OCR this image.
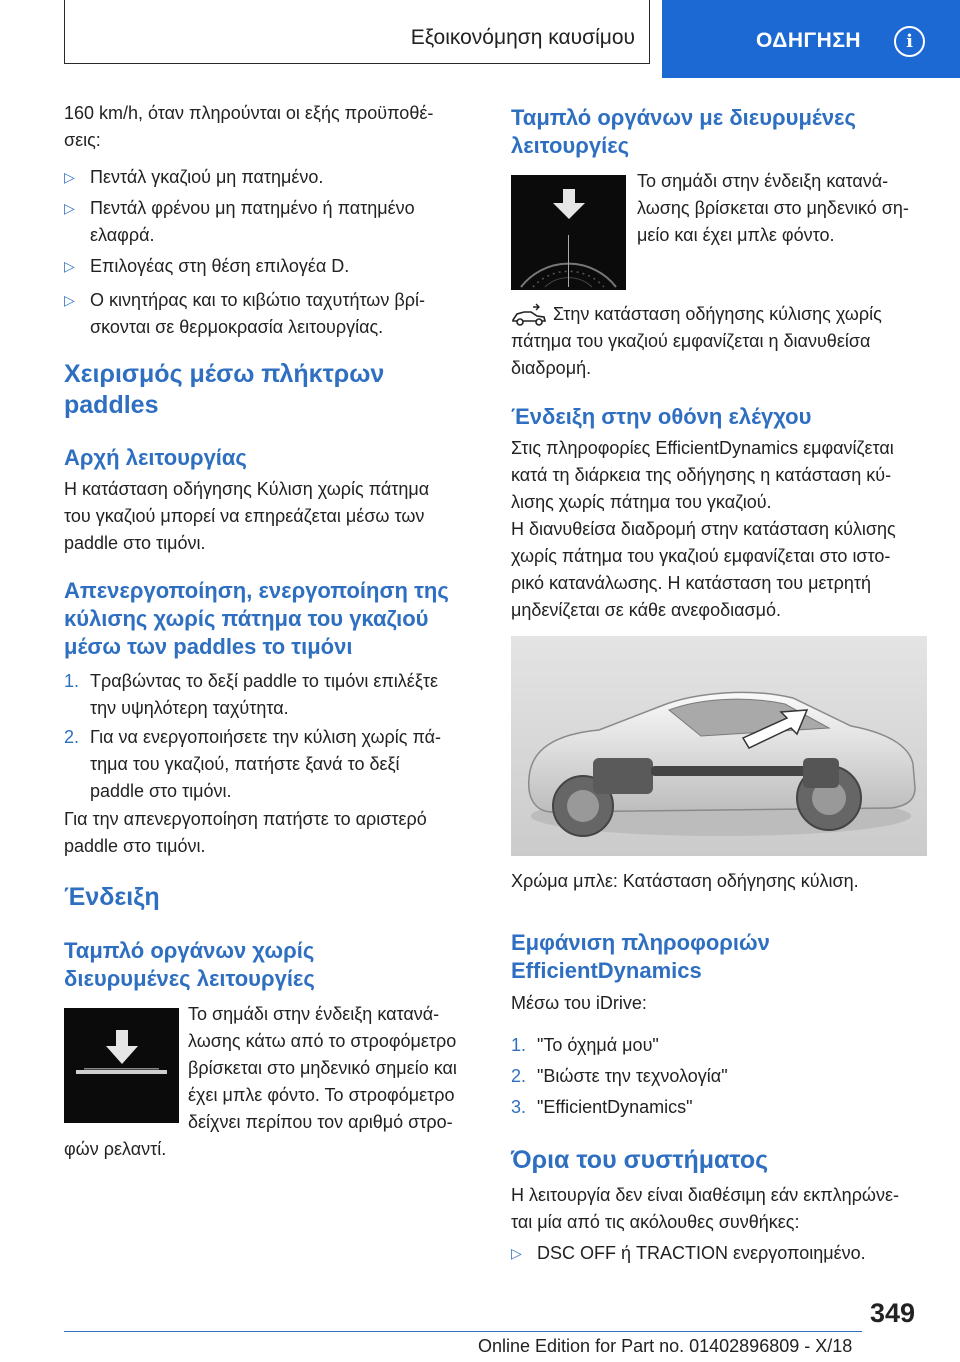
Εξοικονόμηση καυσίμου	ΟΔΗΓΗΣΗ	i
160 km/h, όταν πληρούνται οι εξής προϋποθέ-
σεις:
▷ Πεντάλ γκαζιού μη πατημένο.
▷ Πεντάλ φρένου μη πατημένο ή πατημένο
ελαφρά.
▷ Επιλογέας στη θέση επιλογέα D.
▷ Ο κινητήρας και το κιβώτιο ταχυτήτων βρί-
σκονται σε θερμοκρασία λειτουργίας.
Χειρισμός μέσω πλήκτρων
paddles
Αρχή λειτουργίας
Η κατάσταση οδήγησης Κύλιση χωρίς πάτημα
του γκαζιού μπορεί να επηρεάζεται μέσω των
paddle στο τιμόνι.
Απενεργοποίηση, ενεργοποίηση της
κύλισης χωρίς πάτημα του γκαζιού
μέσω των paddles το τιμόνι
1. Τραβώντας το δεξί paddle το τιμόνι επιλέξτε
την υψηλότερη ταχύτητα.
2. Για να ενεργοποιήσετε την κύλιση χωρίς πά-
τημα του γκαζιού, πατήστε ξανά το δεξί
paddle στο τιμόνι.
Για την απενεργοποίηση πατήστε το αριστερό
paddle στο τιμόνι.
Ένδειξη
Ταμπλό οργάνων χωρίς
διευρυμένες λειτουργίες
Το σημάδι στην ένδειξη κατανά-
λωσης κάτω από το στροφόμετρο
βρίσκεται στο μηδενικό σημείο και
έχει μπλε φόντο. Το στροφόμετρο
δείχνει περίπου τον αριθμό στρο-
φών ρελαντί.
Ταμπλό οργάνων με διευρυμένες
λειτουργίες
Το σημάδι στην ένδειξη κατανά-
λωσης βρίσκεται στο μηδενικό ση-
μείο και έχει μπλε φόντο.
Στην κατάσταση οδήγησης κύλισης χωρίς
πάτημα του γκαζιού εμφανίζεται η διανυθείσα
διαδρομή.
Ένδειξη στην οθόνη ελέγχου
Στις πληροφορίες EfficientDynamics εμφανίζεται
κατά τη διάρκεια της οδήγησης η κατάσταση κύ-
λισης χωρίς πάτημα του γκαζιού.
Η διανυθείσα διαδρομή στην κατάσταση κύλισης
χωρίς πάτημα του γκαζιού εμφανίζεται στο ιστο-
ρικό κατανάλωσης. Η κατάσταση του μετρητή
μηδενίζεται σε κάθε ανεφοδιασμό.
Χρώμα μπλε: Κατάσταση οδήγησης κύλιση.
Εμφάνιση πληροφοριών
EfficientDynamics
Μέσω του iDrive:
1. "Το όχημά μου"
2. "Βιώστε την τεχνολογία"
3. "EfficientDynamics"
Όρια του συστήματος
Η λειτουργία δεν είναι διαθέσιμη εάν εκπληρώνε-
ται μία από τις ακόλουθες συνθήκες:
▷ DSC OFF ή TRACTION ενεργοποιημένο.
349
Online Edition for Part no. 01402896809 - X/18
